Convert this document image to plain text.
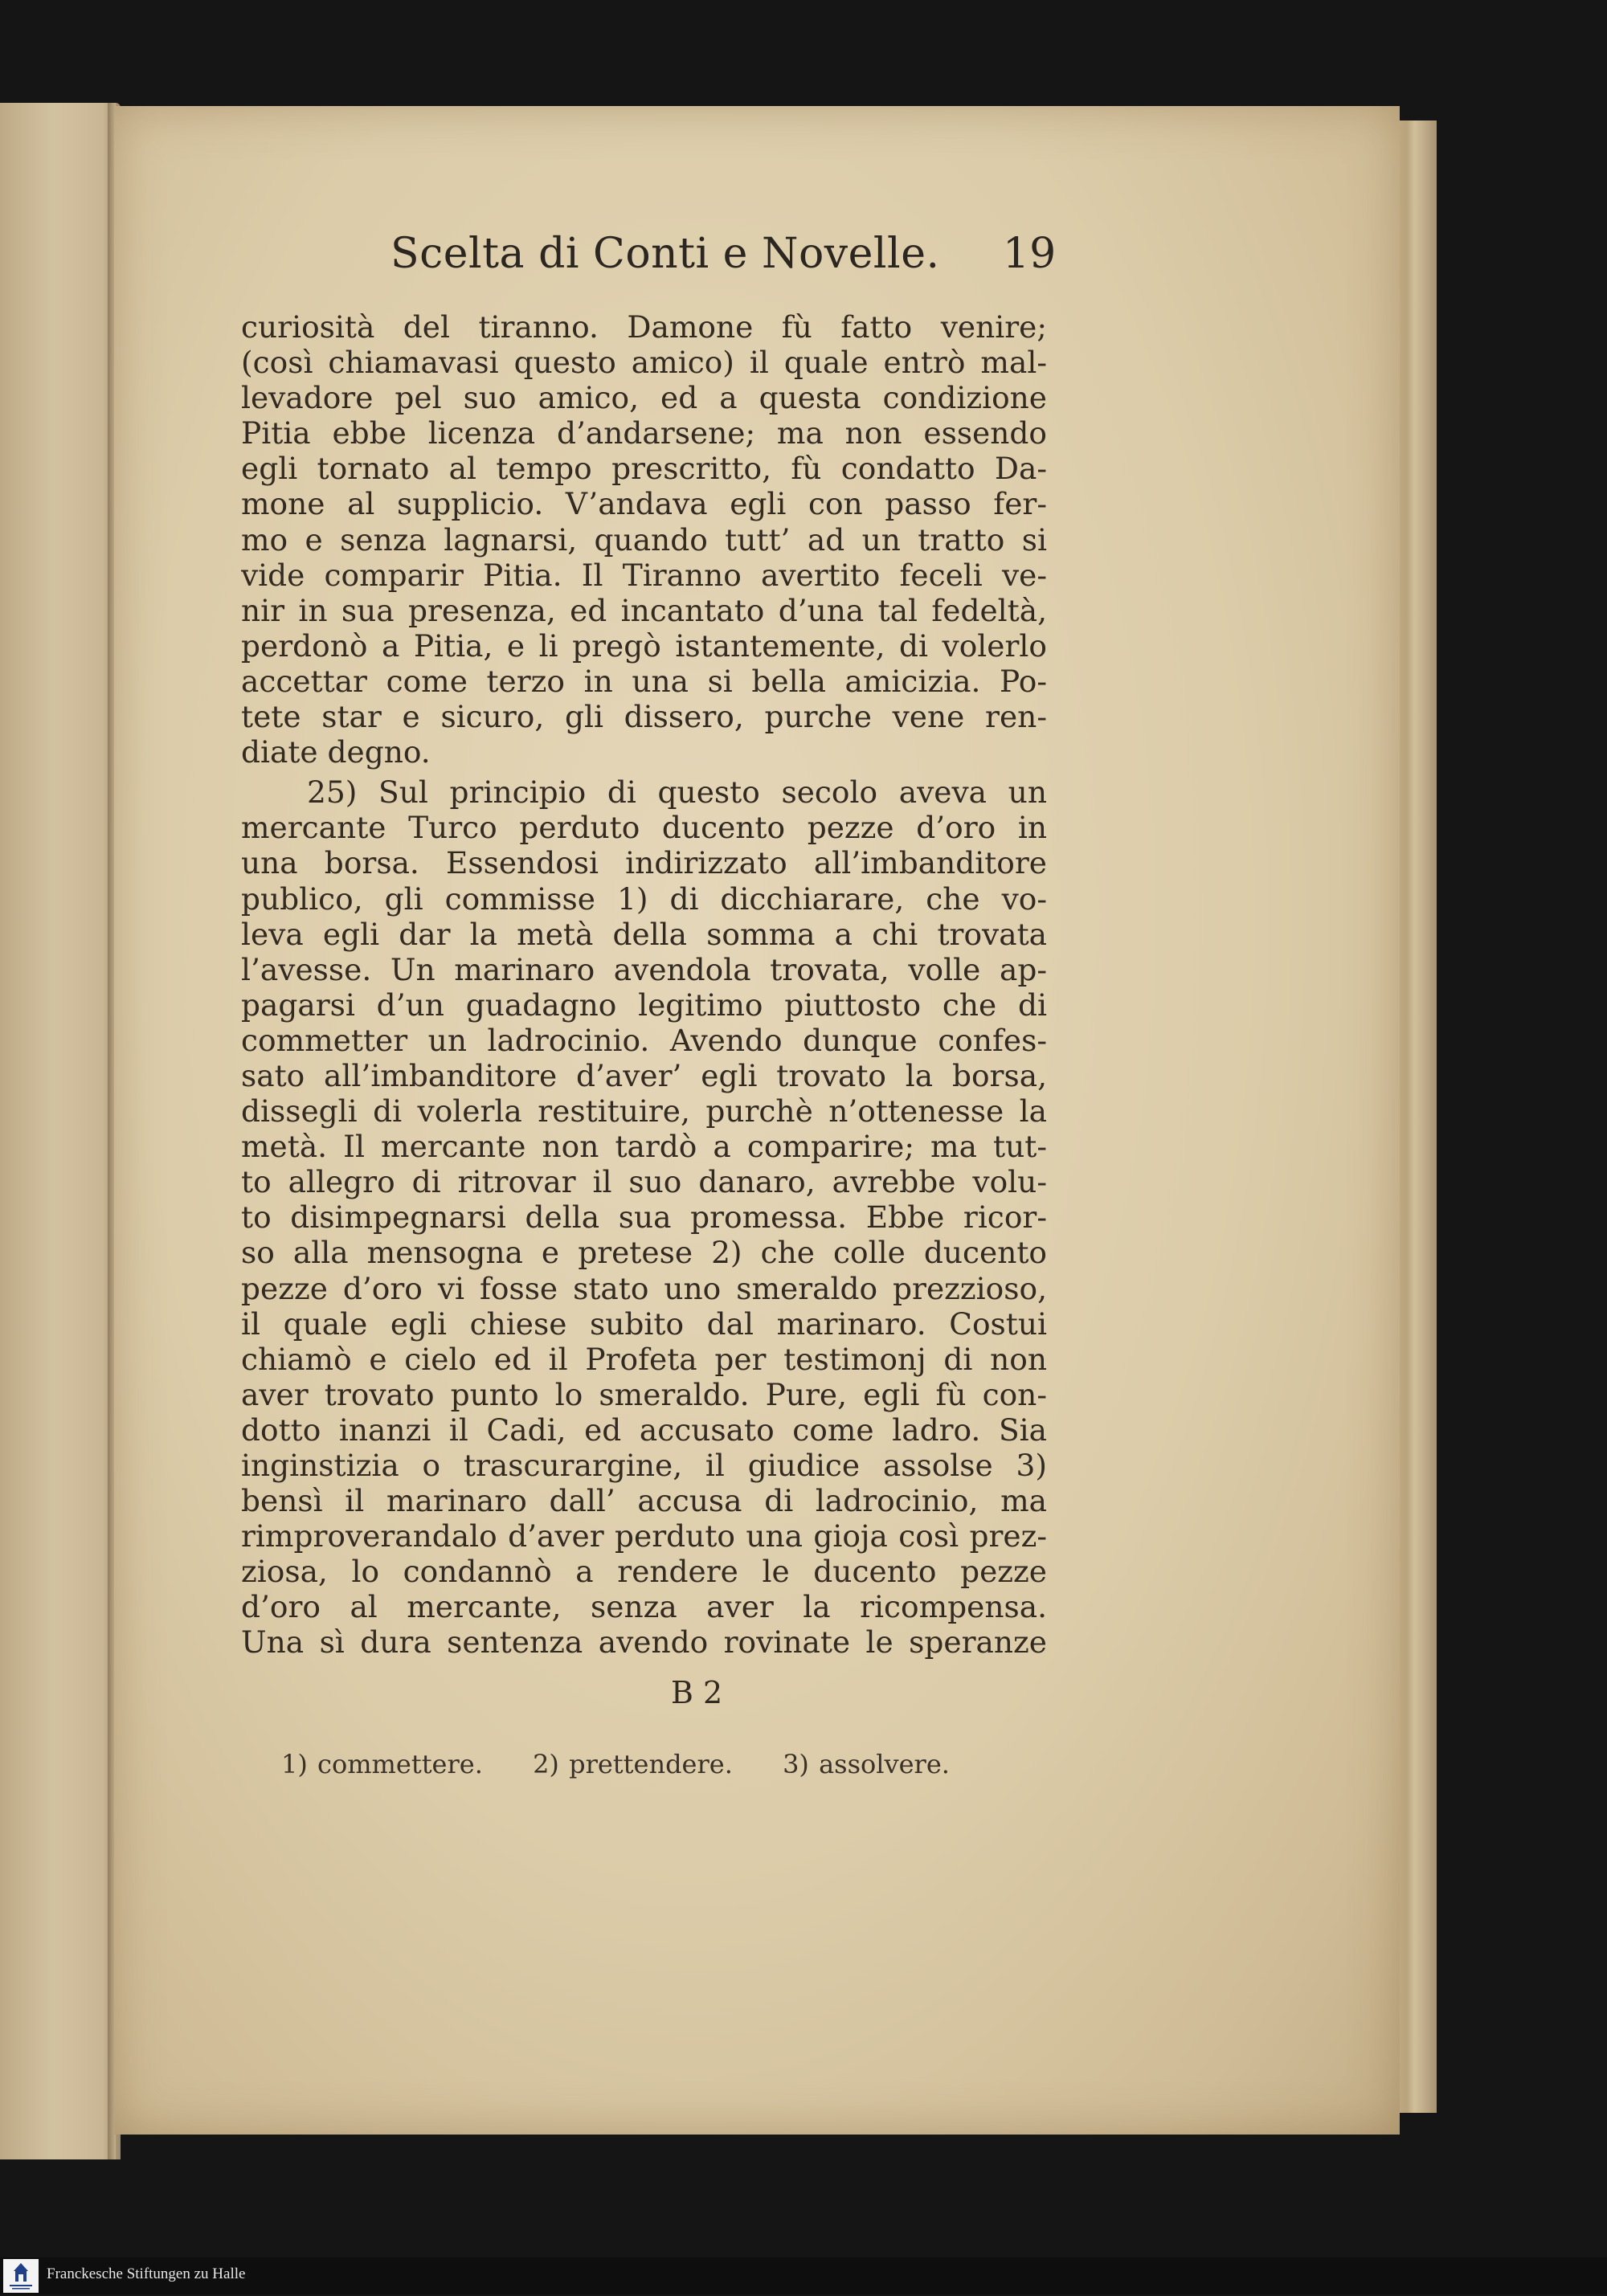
Scelta di Conti e Novelle. 19
curiosità del tiranno. Damone fù fatto venire;
(così chiamavasi questo amico) il quale entrò mal-
levadore pel suo amico, ed a questa condizione
Pitia ebbe licenza d’andarsene; ma non essendo
egli tornato al tempo prescritto, fù condatto Da-
mone al supplicio. V’andava egli con passo fer-
mo e senza lagnarsi, quando tutt’ ad un tratto si
vide comparir Pitia. Il Tiranno avertito feceli ve-
nir in sua presenza, ed incantato d’una tal fedeltà,
perdonò a Pitia, e li pregò istantemente, di volerlo
accettar come terzo in una si bella amicizia. Po-
tete star e sicuro, gli dissero, purche vene ren-
diate degno.
25) Sul principio di questo secolo aveva un
mercante Turco perduto ducento pezze d’oro in
una borsa. Essendosi indirizzato all’imbanditore
publico, gli commisse 1) di dicchiarare, che vo-
leva egli dar la metà della somma a chi trovata
l’avesse. Un marinaro avendola trovata, volle ap-
pagarsi d’un guadagno legitimo piuttosto che di
commetter un ladrocinio. Avendo dunque confes-
sato all’imbanditore d’aver’ egli trovato la borsa,
dissegli di volerla restituire, purchè n’ottenesse la
metà. Il mercante non tardò a comparire; ma tut-
to allegro di ritrovar il suo danaro, avrebbe volu-
to disimpegnarsi della sua promessa. Ebbe ricor-
so alla mensogna e pretese 2) che colle ducento
pezze d’oro vi fosse stato uno smeraldo prezzioso,
il quale egli chiese subito dal marinaro. Costui
chiamò e cielo ed il Profeta per testimonj di non
aver trovato punto lo smeraldo. Pure, egli fù con-
dotto inanzi il Cadi, ed accusato come ladro. Sia
inginstizia o trascurargine, il giudice assolse 3)
bensì il marinaro dall’ accusa di ladrocinio, ma
rimproverandalo d’aver perduto una gioja così prez-
ziosa, lo condannò a rendere le ducento pezze
d’oro al mercante, senza aver la ricompensa.
Una sì dura sentenza avendo rovinate le speranze
B 2
1) commettere. 2) prettendere. 3) assolvere.
Franckesche Stiftungen zu Halle
